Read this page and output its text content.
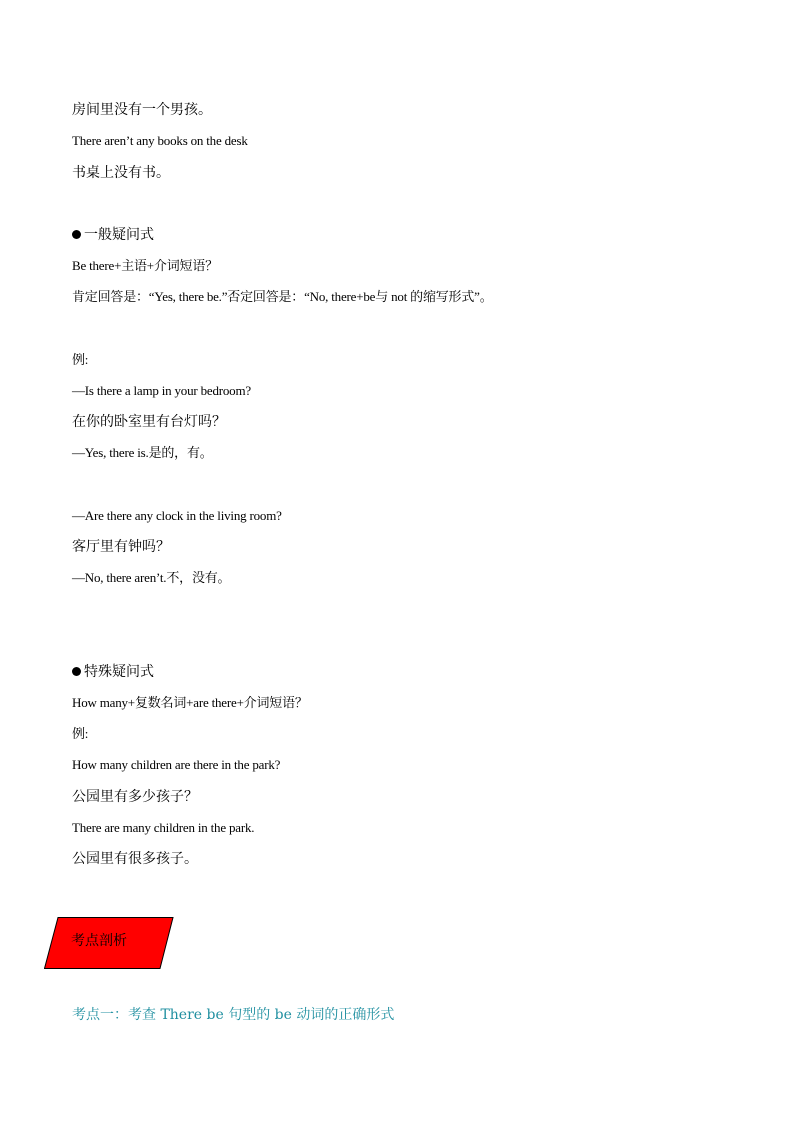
房间里没有一个男孩。
There aren’t any books on the desk
书桌上没有书。
一般疑问式
Be there+主语+介词短语？
肯定回答是：“Yes, there be.”否定回答是：“No, there+be与 not 的缩写形式”。
例:
—Is there a lamp in your bedroom?
在你的卧室里有台灯吗？
—Yes, there is.是的，有。
—Are there any clock in the living room?
客厅里有钟吗？
—No, there aren’t.不，没有。
特殊疑问式
How many+复数名词+are there+介词短语？
例:
How many children are there in the park?
公园里有多少孩子？
There are many children in the park.
公园里有很多孩子。
考点剖析
考点一：考查 There be 句型的 be 动词的正确形式
